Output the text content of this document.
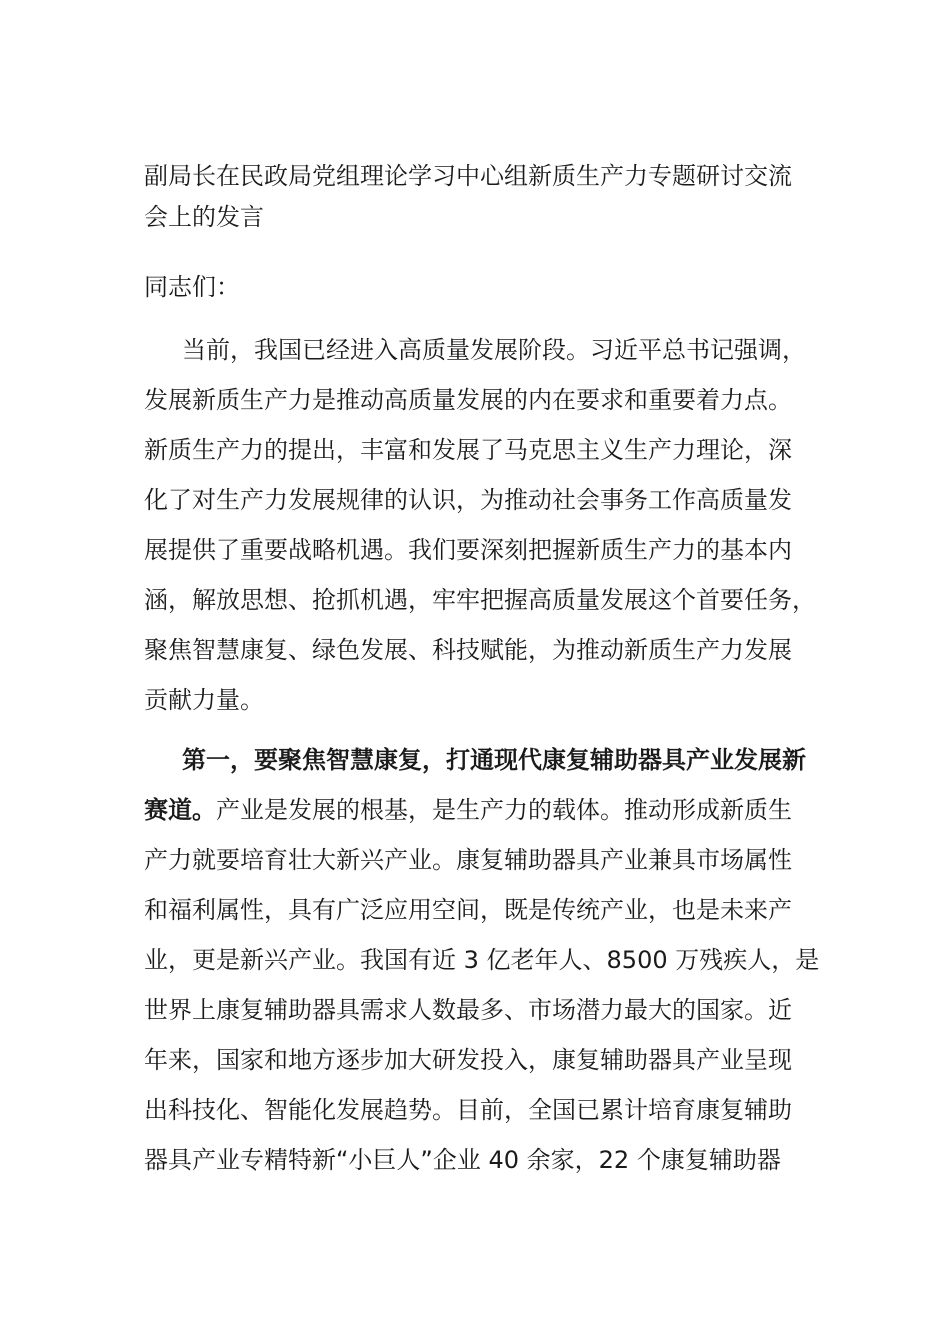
副局长在民政局党组理论学习中心组新质生产力专题研讨交流
会上的发言

同志们：

当前，我国已经进入高质量发展阶段。习近平总书记强调，
发展新质生产力是推动高质量发展的内在要求和重要着力点。
新质生产力的提出，丰富和发展了马克思主义生产力理论，深
化了对生产力发展规律的认识，为推动社会事务工作高质量发
展提供了重要战略机遇。我们要深刻把握新质生产力的基本内
涵，解放思想、抢抓机遇，牢牢把握高质量发展这个首要任务，
聚焦智慧康复、绿色发展、科技赋能，为推动新质生产力发展
贡献力量。

第一，要聚焦智慧康复，打通现代康复辅助器具产业发展新
赛道。产业是发展的根基，是生产力的载体。推动形成新质生
产力就要培育壮大新兴产业。康复辅助器具产业兼具市场属性
和福利属性，具有广泛应用空间，既是传统产业，也是未来产
业，更是新兴产业。我国有近 3 亿老年人、8500 万残疾人，是
世界上康复辅助器具需求人数最多、市场潜力最大的国家。近
年来，国家和地方逐步加大研发投入，康复辅助器具产业呈现
出科技化、智能化发展趋势。目前，全国已累计培育康复辅助
器具产业专精特新“小巨人”企业 40 余家，22 个康复辅助器
